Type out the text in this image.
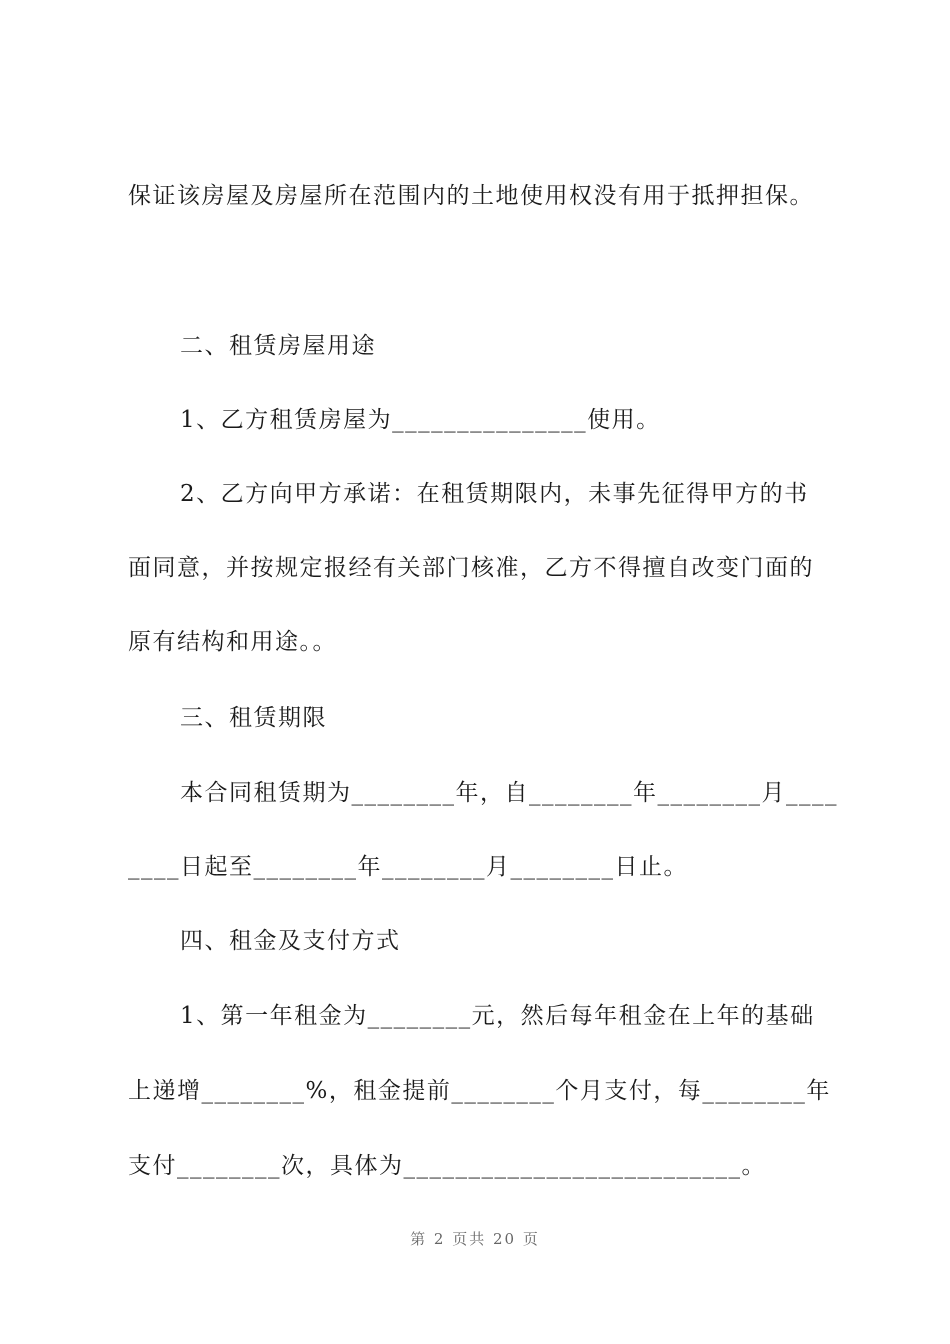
保证该房屋及房屋所在范围内的土地使用权没有用于抵押担保。
二、租赁房屋用途
1、乙方租赁房屋为_______________使用。
2、乙方向甲方承诺：在租赁期限内，未事先征得甲方的书
面同意，并按规定报经有关部门核准，乙方不得擅自改变门面的
原有结构和用途。。
三、租赁期限
本合同租赁期为________年，自________年________月____
____日起至________年________月________日止。
四、租金及支付方式
1、第一年租金为________元，然后每年租金在上年的基础
上递增________%，租金提前________个月支付，每________年
支付________次，具体为__________________________。
第 2 页共 20 页
